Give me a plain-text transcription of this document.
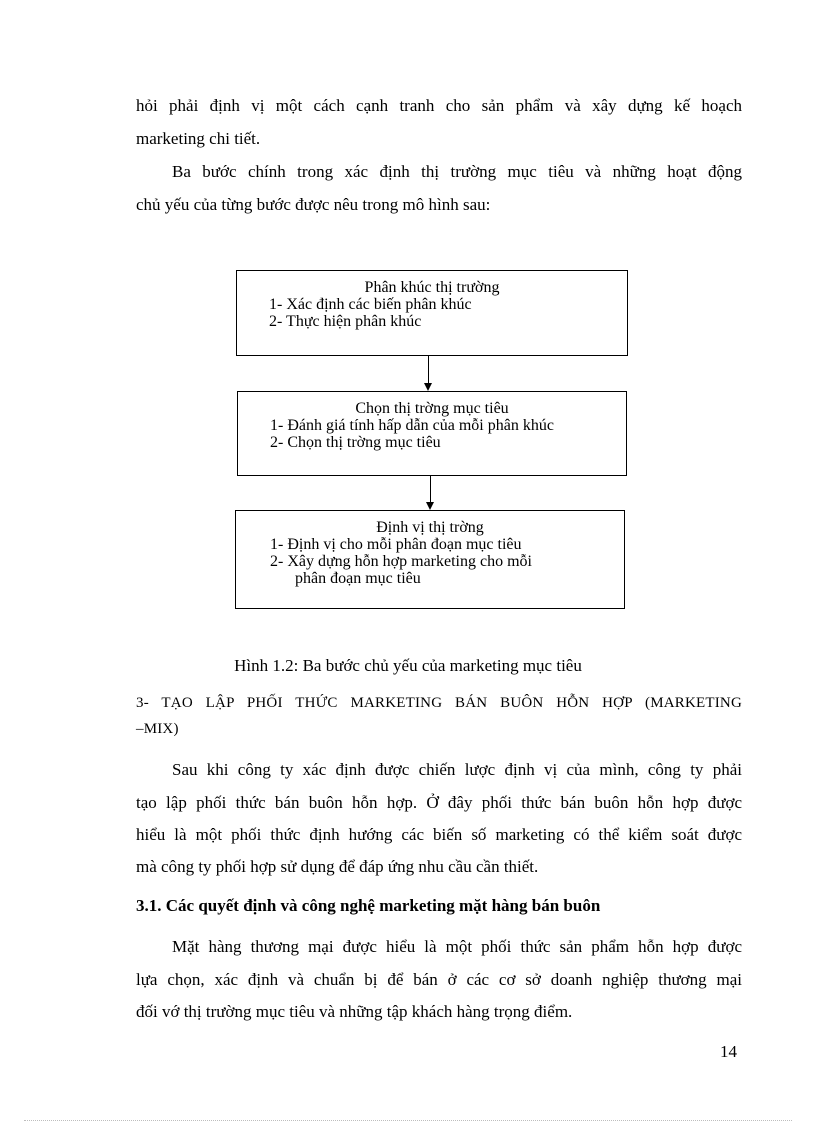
hỏi phải định vị một cách cạnh tranh cho sản phẩm và xây dựng kế hoạch
marketing chi tiết.
Ba bước chính trong xác định thị trường mục tiêu và những hoạt động
chủ yếu của từng bước được nêu trong mô hình sau:
Phân khúc thị trường
1- Xác định các biến phân khúc
2- Thực hiện phân khúc
Chọn thị trờng mục tiêu
1- Đánh giá tính hấp dẫn của mỗi phân khúc
2- Chọn thị trờng mục tiêu
Định vị thị trờng
1- Định vị cho mỗi phân đoạn mục tiêu
2- Xây dựng hỗn hợp marketing cho mỗi
phân đoạn mục tiêu
Hình 1.2: Ba bước chủ yếu của marketing mục tiêu
3- TẠO LẬP PHỐI THỨC MARKETING BÁN BUÔN HỖN HỢP (MARKETING
–MIX)
Sau khi công ty xác định được chiến lược định vị của mình, công ty phải
tạo lập phối thức bán buôn hỗn hợp. Ở đây phối thức bán buôn hỗn hợp được
hiểu là một phối thức định hướng các biến số marketing có thể kiểm soát được
mà công ty phối hợp sử dụng để đáp ứng nhu cầu cần thiết.
3.1. Các quyết định và công nghệ marketing mặt hàng bán buôn
Mặt hàng thương mại được hiểu là một phối thức sản phẩm hỗn hợp được
lựa chọn, xác định và chuẩn bị để bán ở các cơ sở doanh nghiệp thương mại
đối vớ thị trường mục tiêu và những tập khách hàng trọng điểm.
14
